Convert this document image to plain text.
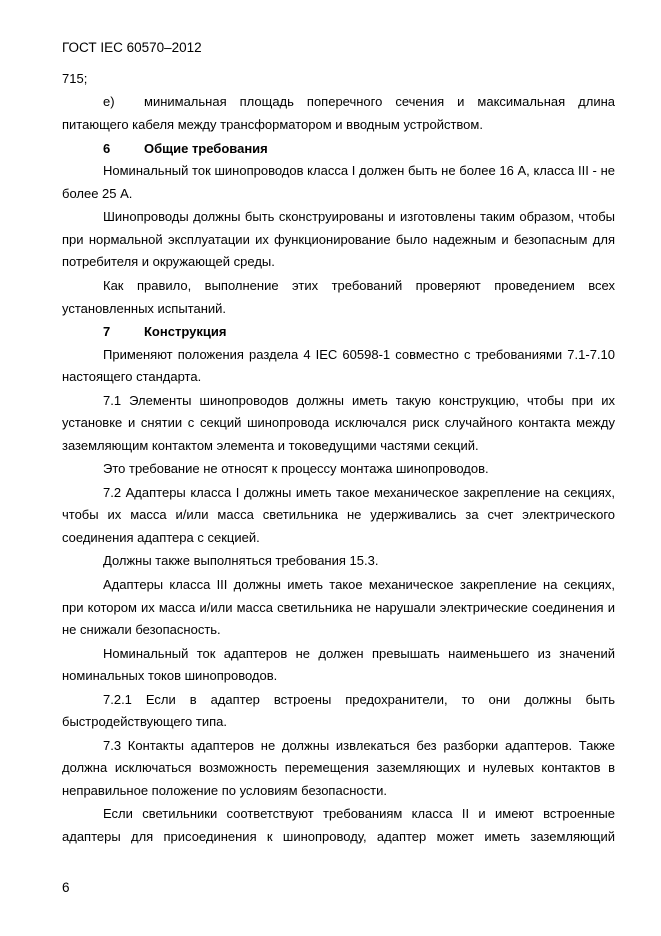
ГОСТ IEC 60570–2012

715;

e)	минимальная площадь поперечного сечения и максимальная длина

питающего кабеля между трансформатором и вводным устройством.

6	Общие требования

Номинальный ток шинопроводов класса I должен быть не более 16 А, класса III - не более 25 А.

Шинопроводы должны быть сконструированы и изготовлены таким образом, чтобы при нормальной эксплуатации их функционирование было надежным и безопасным для потребителя и окружающей среды.

Как правило, выполнение этих требований проверяют проведением всех установленных испытаний.

7	Конструкция

Применяют положения раздела 4 IEC 60598-1 совместно с требованиями 7.1-7.10 настоящего стандарта.

7.1 Элементы шинопроводов должны иметь такую конструкцию, чтобы при их установке и снятии с секций шинопровода исключался риск случайного контакта между заземляющим контактом элемента и токоведущими частями секций.

Это требование не относят к процессу монтажа шинопроводов.

7.2 Адаптеры класса I должны иметь такое механическое закрепление на секциях, чтобы их масса и/или масса светильника не удерживались за счет электрического соединения адаптера с секцией.

Должны также выполняться требования 15.3.

Адаптеры класса III должны иметь такое механическое закрепление на секциях, при котором их масса и/или масса светильника не нарушали электрические соединения и не снижали безопасность.

Номинальный ток адаптеров не должен превышать наименьшего из значений номинальных токов шинопроводов.

7.2.1 Если в адаптер встроены предохранители, то они должны быть быстродействующего типа.

7.3 Контакты адаптеров не должны извлекаться без разборки адаптеров. Также должна исключаться возможность перемещения заземляющих и нулевых контактов в неправильное положение по условиям безопасности.

Если светильники соответствуют требованиям класса II и имеют встроенные адаптеры для присоединения к шинопроводу, адаптер может иметь заземляющий

6
